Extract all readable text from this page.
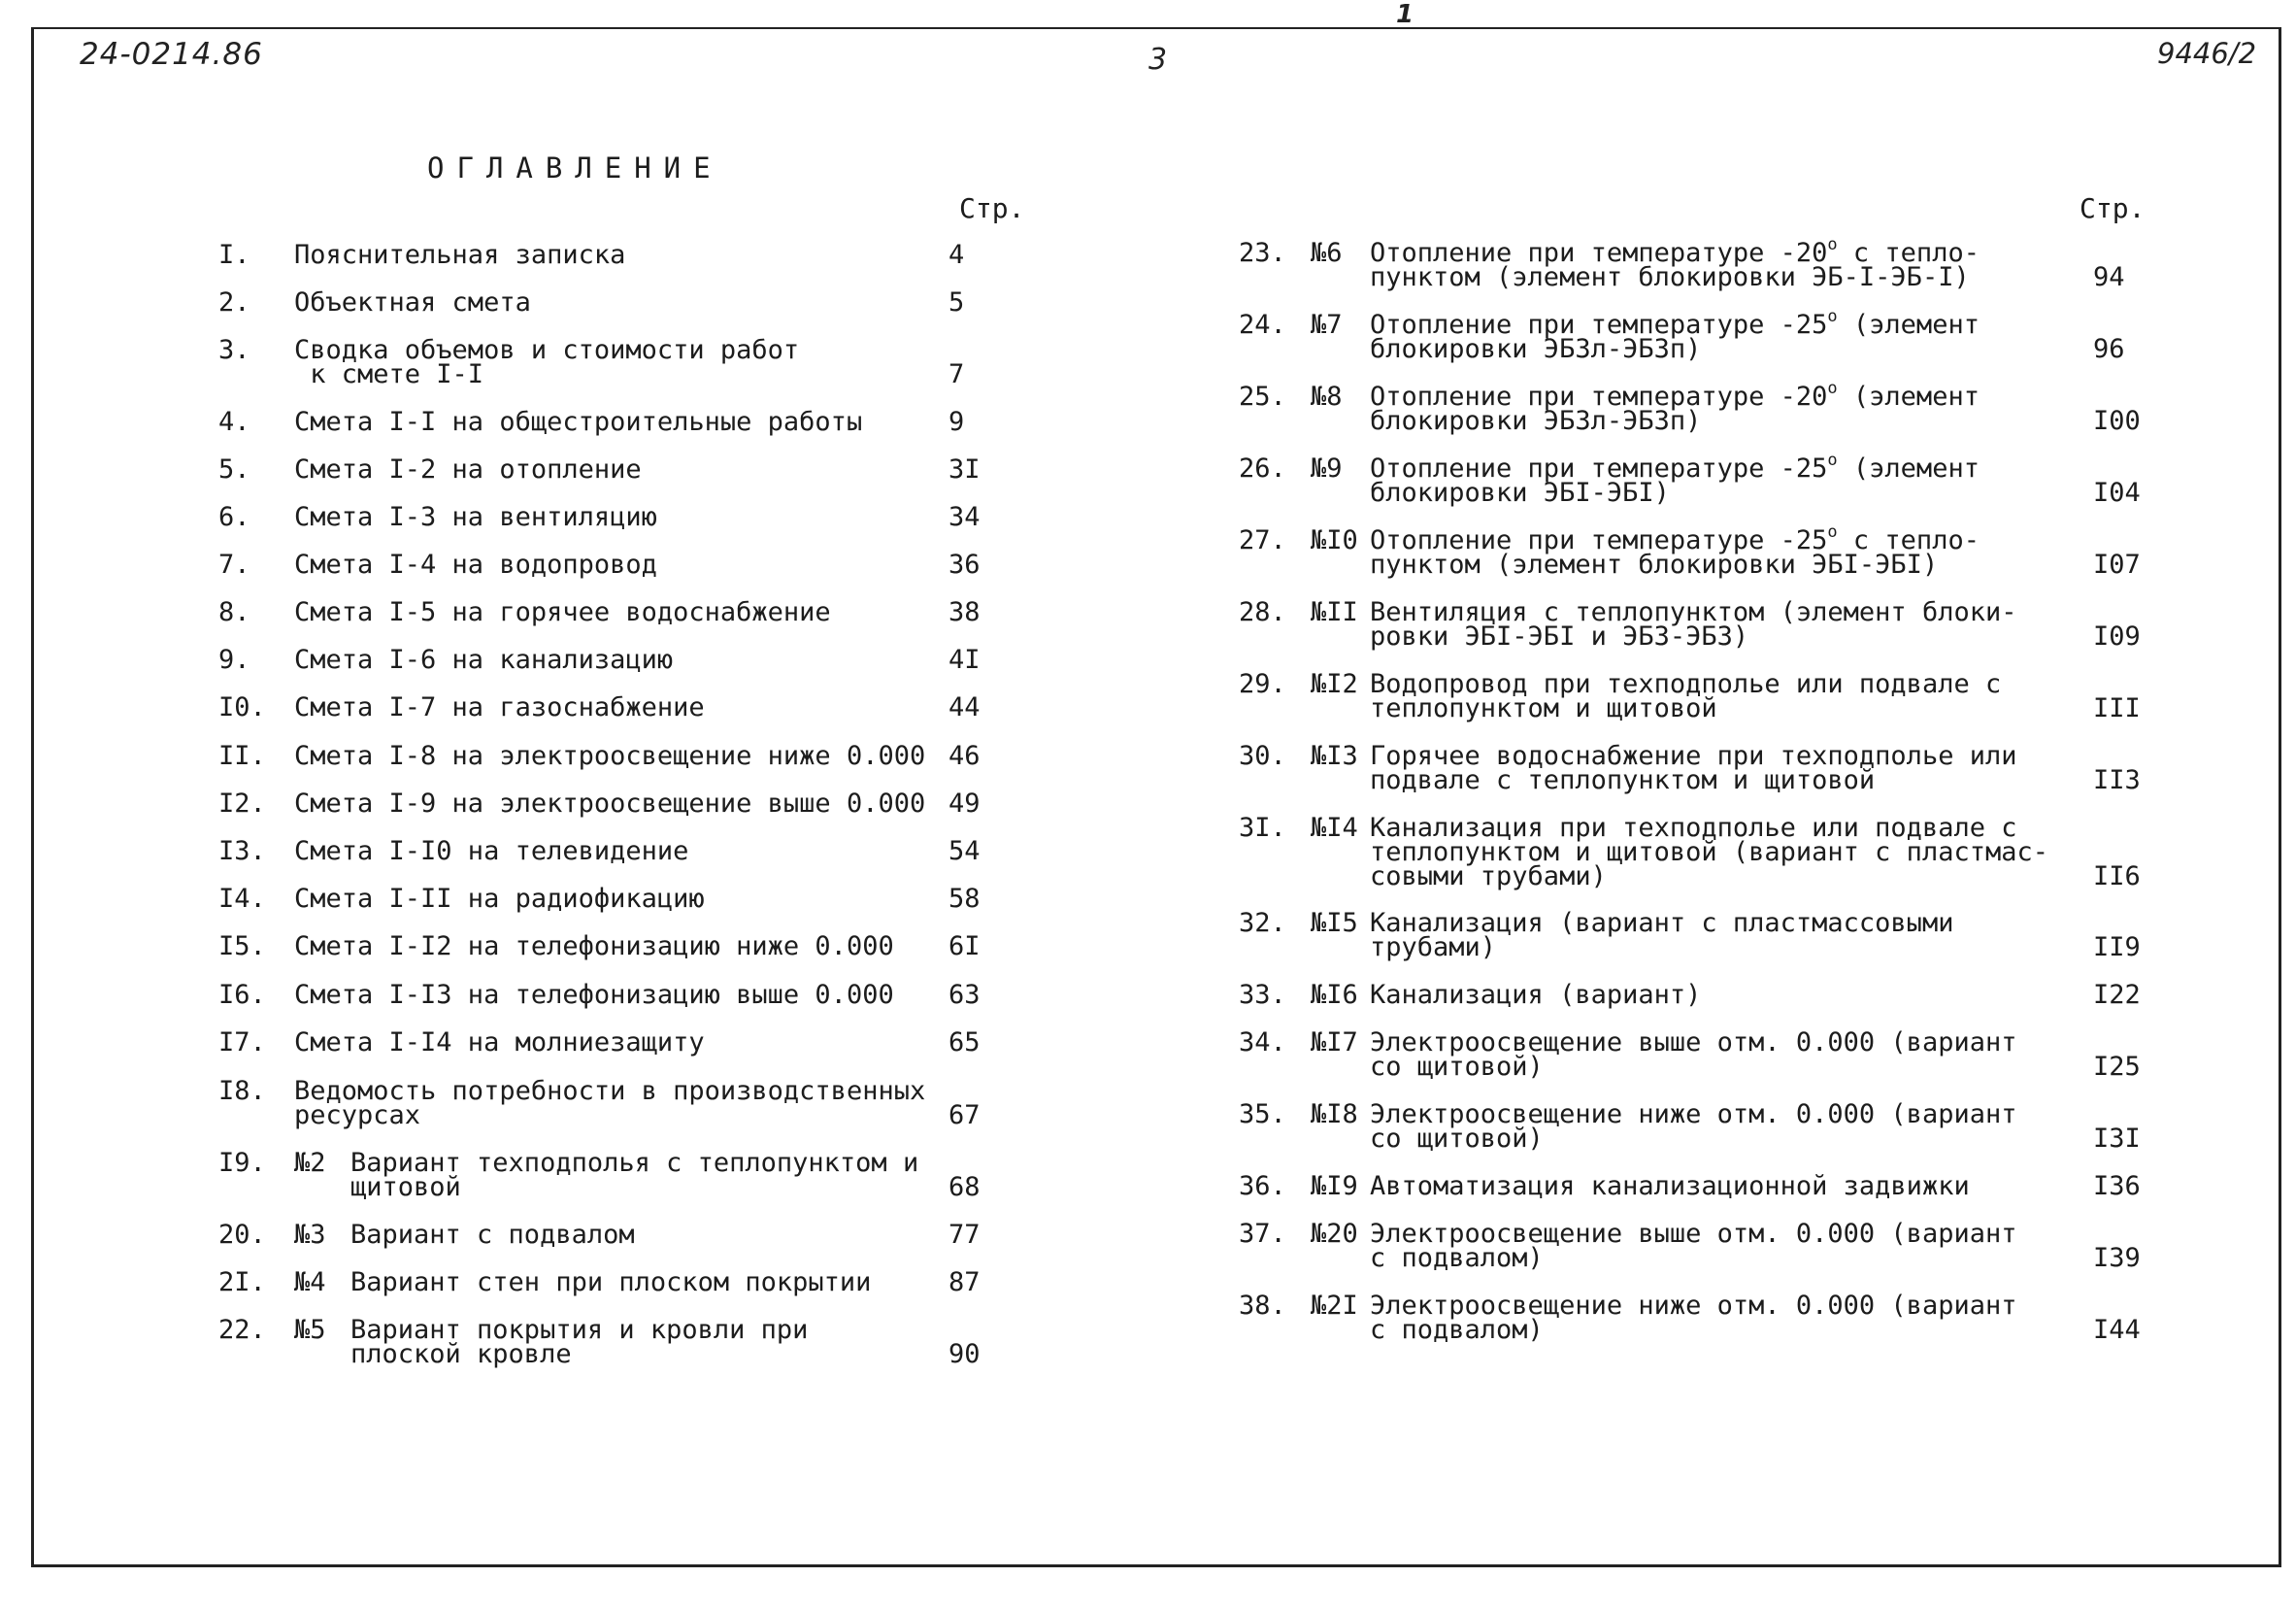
24-0214.86
1
3	9446/2
ОГЛАВЛЕНИЕ
Стр.	Стр.
I. Пояснительная записка	4
2. Объектная смета	5
3. Сводка объемов и стоимости работ
к смете I-I	7
4. Смета I-I на общестроительные работы	9
5. Смета I-2 на отопление	3I
6. Смета I-3 на вентиляцию	34
7. Смета I-4 на водопровод	36
8. Смета I-5 на горячее водоснабжение	38
9. Смета I-6 на канализацию	4I
I0. Смета I-7 на газоснабжение	44
II. Смета I-8 на электроосвещение ниже 0.000 46
I2. Смета I-9 на электроосвещение выше 0.000 49
I3. Смета I-I0 на телевидение	54
I4. Смета I-II на радиофикацию	58
I5. Смета I-I2 на телефонизацию ниже 0.000 6I
I6. Смета I-I3 на телефонизацию выше 0.000 63
I7. Смета I-I4 на молниезащиту	65
I8. Ведомость потребности в производственных
ресурсах	67
I9. №2 Вариант техподполья с теплопунктом и
щитовой	68
20. №3 Вариант с подвалом	77
2I. №4 Вариант стен при плоском покрытии	87
22. №5 Вариант покрытия и кровли при
плоской кровле	90
23. №6 Отопление при температуре -20$^o$ с тепло-
пунктом (элемент блокировки ЭБ-I-ЭБ-I)	94
24. №7 Отопление при температуре -25$^o$ (элемент
блокировки ЭБЗл-ЭБЗп)	96
25. №8 Отопление при температуре -20$^o$ (элемент
блокировки ЭБЗл-ЭБЗп)	I00
26. №9 Отопление при температуре -25$^o$ (элемент
блокировки ЭБI-ЭБI)	I04
27. №I0 Отопление при температуре -25$^o$ с тепло-
пунктом (элемент блокировки ЭБI-ЭБI)	I07
28. №II Вентиляция с теплопунктом (элемент блоки-
ровки ЭБI-ЭБI и ЭБЗ-ЭБЗ)	I09
29. №I2 Водопровод при техподполье или подвале с
теплопунктом и щитовой	III
30. №I3 Горячее водоснабжение при техподполье или
подвале с теплопунктом и щитовой	II3
3I. №I4 Канализация при техподполье или подвале с
теплопунктом и щитовой (вариант с пластмас-
совыми трубами)	II6
32. №I5 Канализация (вариант с пластмассовыми
трубами)	II9
33. №I6 Канализация (вариант)	I22
34. №I7 Электроосвещение выше отм. 0.000 (вариант
со щитовой)	I25
35. №I8 Электроосвещение ниже отм. 0.000 (вариант
со щитовой)	I3I
36. №I9 Автоматизация канализационной задвижки	I36
37. №20 Электроосвещение выше отм. 0.000 (вариант
с подвалом)	I39
38. №2I Электроосвещение ниже отм. 0.000 (вариант
с подвалом)	I44
